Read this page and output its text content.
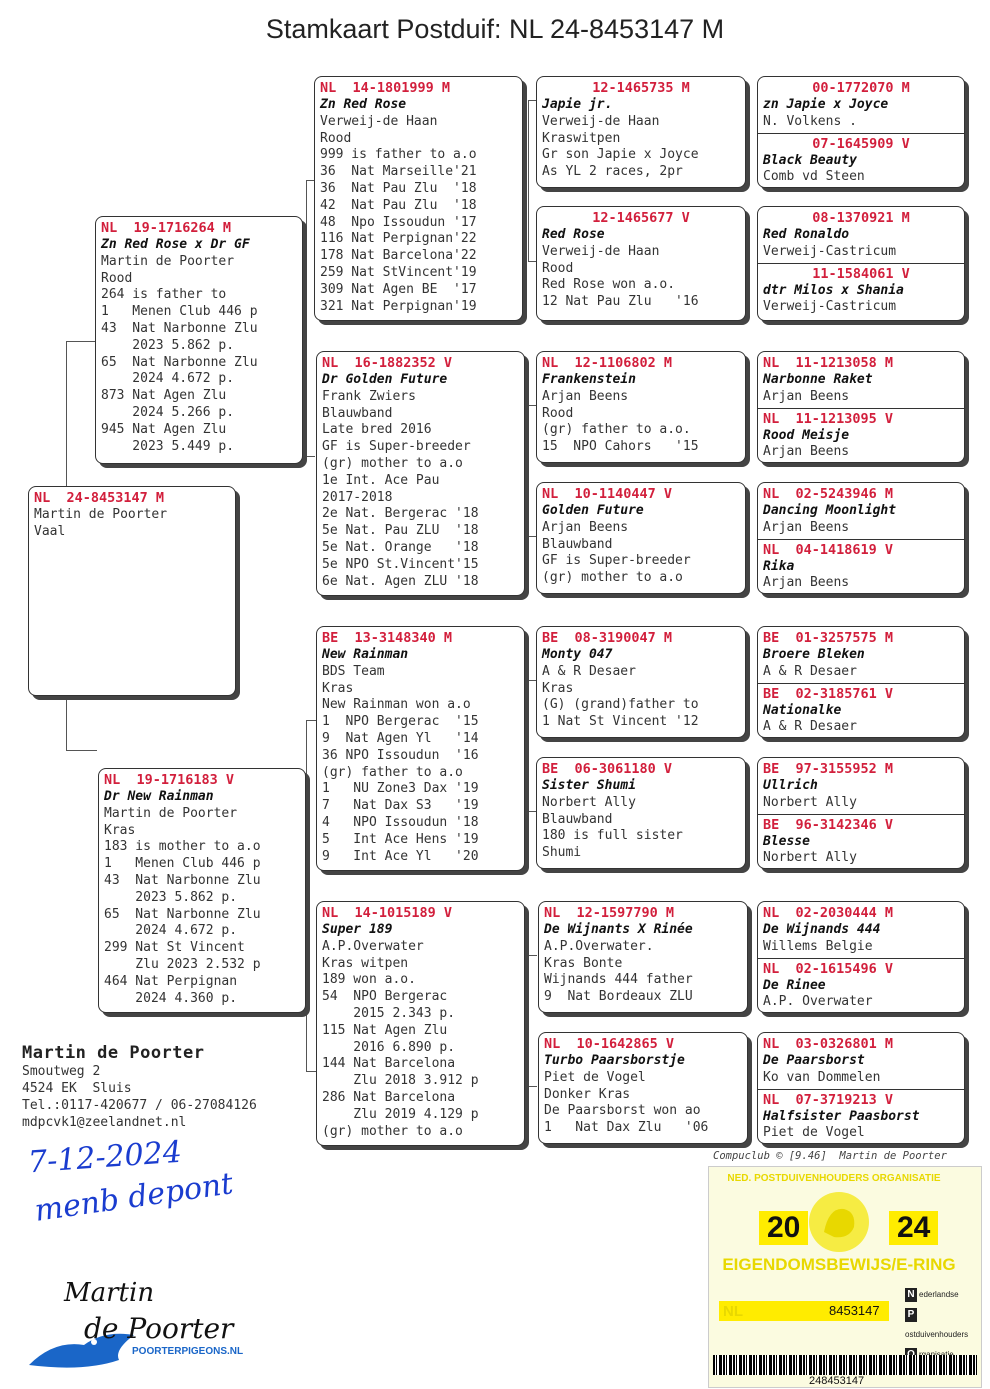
Stamkaart Postduif: NL 24-8453147 M
NL  24-8453147 M
Martin de Poorter
Vaal
NL  19-1716264 M
Zn Red Rose x Dr GF
Martin de Poorter
Rood
264 is father to
1   Menen Club 446 p
43  Nat Narbonne Zlu
2023 5.862 p.
65  Nat Narbonne Zlu
2024 4.672 p.
873 Nat Agen Zlu
2024 5.266 p.
945 Nat Agen Zlu
2023 5.449 p.
NL  19-1716183 V
Dr New Rainman
Martin de Poorter
Kras
183 is mother to a.o
1   Menen Club 446 p
43  Nat Narbonne Zlu
2023 5.862 p.
65  Nat Narbonne Zlu
2024 4.672 p.
299 Nat St Vincent
Zlu 2023 2.532 p
464 Nat Perpignan
2024 4.360 p.
NL  14-1801999 M
Zn Red Rose
Verweij-de Haan
Rood
999 is father to a.o
36  Nat Marseille'21
36  Nat Pau Zlu  '18
42  Nat Pau Zlu  '18
48  Npo Issoudun '17
116 Nat Perpignan'22
178 Nat Barcelona'22
259 Nat StVincent'19
309 Nat Agen BE  '17
321 Nat Perpignan'19
NL  16-1882352 V
Dr Golden Future
Frank Zwiers
Blauwband
Late bred 2016
GF is Super-breeder
(gr) mother to a.o
1e Int. Ace Pau
2017-2018
2e Nat. Bergerac '18
5e Nat. Pau ZLU  '18
5e Nat. Orange   '18
5e NPO St.Vincent'15
6e Nat. Agen ZLU '18
BE  13-3148340 M
New Rainman
BDS Team
Kras
New Rainman won a.o
1  NPO Bergerac  '15
9  Nat Agen Yl   '14
36 NPO Issoudun  '16
(gr) father to a.o
1   NU Zone3 Dax '19
7   Nat Dax S3   '19
4   NPO Issoudun '18
5   Int Ace Hens '19
9   Int Ace Yl   '20
NL  14-1015189 V
Super 189
A.P.Overwater
Kras witpen
189 won a.o.
54  NPO Bergerac
2015 2.343 p.
115 Nat Agen Zlu
2016 6.890 p.
144 Nat Barcelona
Zlu 2018 3.912 p
286 Nat Barcelona
Zlu 2019 4.129 p
(gr) mother to a.o
12-1465735 M
Japie jr.
Verweij-de Haan
Kraswitpen
Gr son Japie x Joyce
As YL 2 races, 2pr
12-1465677 V
Red Rose
Verweij-de Haan
Rood
Red Rose won a.o.
12 Nat Pau Zlu   '16
NL  12-1106802 M
Frankenstein
Arjan Beens
Rood
(gr) father to a.o.
15  NPO Cahors   '15
NL  10-1140447 V
Golden Future
Arjan Beens
Blauwband
GF is Super-breeder
(gr) mother to a.o
BE  08-3190047 M
Monty 047
A & R Desaer
Kras
(G) (grand)father to
1 Nat St Vincent '12
BE  06-3061180 V
Sister Shumi
Norbert Ally
Blauwband
180 is full sister
Shumi
NL  12-1597790 M
De Wijnants X Rinée
A.P.Overwater.
Kras Bonte
Wijnands 444 father
9  Nat Bordeaux ZLU
NL  10-1642865 V
Turbo Paarsborstje
Piet de Vogel
Donker Kras
De Paarsborst won ao
1   Nat Dax Zlu   '06
00-1772070 M
zn Japie x Joyce
N. Volkens .
07-1645909 V
Black Beauty
Comb vd Steen
08-1370921 M
Red Ronaldo
Verweij-Castricum
11-1584061 V
dtr Milos x Shania
Verweij-Castricum
NL  11-1213058 M
Narbonne Raket
Arjan Beens
NL  11-1213095 V
Rood Meisje
Arjan Beens
NL  02-5243946 M
Dancing Moonlight
Arjan Beens
NL  04-1418619 V
Rika
Arjan Beens
BE  01-3257575 M
Broere Bleken
A & R Desaer
BE  02-3185761 V
Nationalke
A & R Desaer
BE  97-3155952 M
Ullrich
Norbert Ally
BE  96-3142346 V
Blesse
Norbert Ally
NL  02-2030444 M
De Wijnands 444
Willems Belgie
NL  02-1615496 V
De Rinee
A.P. Overwater
NL  03-0326801 M
De Paarsborst
Ko van Dommelen
NL  07-3719213 V
Halfsister Paasborst
Piet de Vogel
Martin de Poorter
Smoutweg 2
4524 EK  Sluis
Tel.:0117-420677 / 06-27084126
mdpcvk1@zeelandnet.nl
7-12-2024
menb depont
Compuclub © [9.46]  Martin de Poorter
NED. POSTDUIVENHOUDERS ORGANISATIE
20	24
EIGENDOMSBEWIJS/E-RING
NL	8453147
N ederlandse
Postduivenhouders
248453147
Martin
de Poorter
POORTERPIGEONS.NL
